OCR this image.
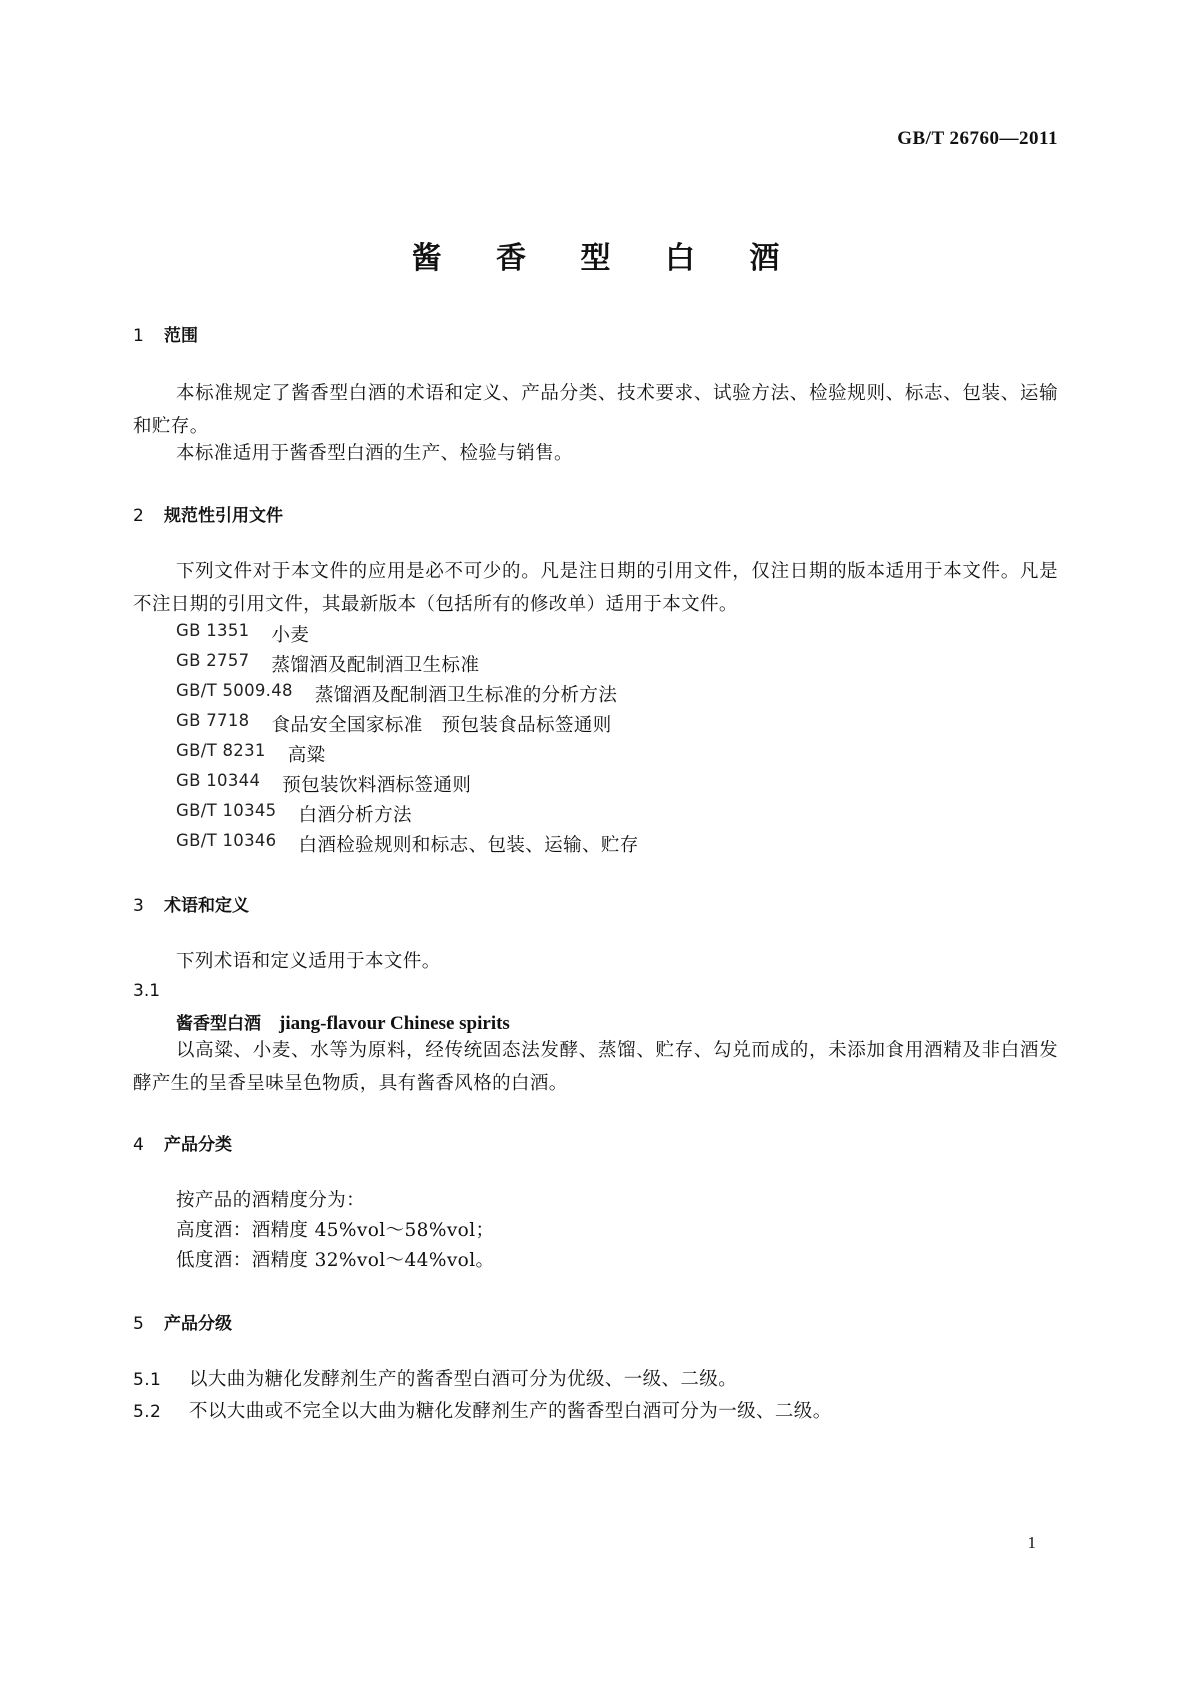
GB/T 26760—2011
酱 香 型 白 酒
1 范围
本标准规定了酱香型白酒的术语和定义、产品分类、技术要求、试验方法、检验规则、标志、包装、运输和贮存。
本标准适用于酱香型白酒的生产、检验与销售。
2 规范性引用文件
下列文件对于本文件的应用是必不可少的。凡是注日期的引用文件，仅注日期的版本适用于本文件。凡是不注日期的引用文件，其最新版本（包括所有的修改单）适用于本文件。
GB 1351	小麦
GB 2757	蒸馏酒及配制酒卫生标准
GB/T 5009.48	蒸馏酒及配制酒卫生标准的分析方法
GB 7718	食品安全国家标准　预包装食品标签通则
GB/T 8231	高粱
GB 10344	预包装饮料酒标签通则
GB/T 10345	白酒分析方法
GB/T 10346	白酒检验规则和标志、包装、运输、贮存
3 术语和定义
下列术语和定义适用于本文件。
3.1
酱香型白酒 jiang-flavour Chinese spirits
以高粱、小麦、水等为原料，经传统固态法发酵、蒸馏、贮存、勾兑而成的，未添加食用酒精及非白酒发酵产生的呈香呈味呈色物质，具有酱香风格的白酒。
4 产品分类
按产品的酒精度分为：
高度酒：酒精度 45%vol～58%vol；
低度酒：酒精度 32%vol～44%vol。
5 产品分级
5.1 以大曲为糖化发酵剂生产的酱香型白酒可分为优级、一级、二级。
5.2 不以大曲或不完全以大曲为糖化发酵剂生产的酱香型白酒可分为一级、二级。
1
